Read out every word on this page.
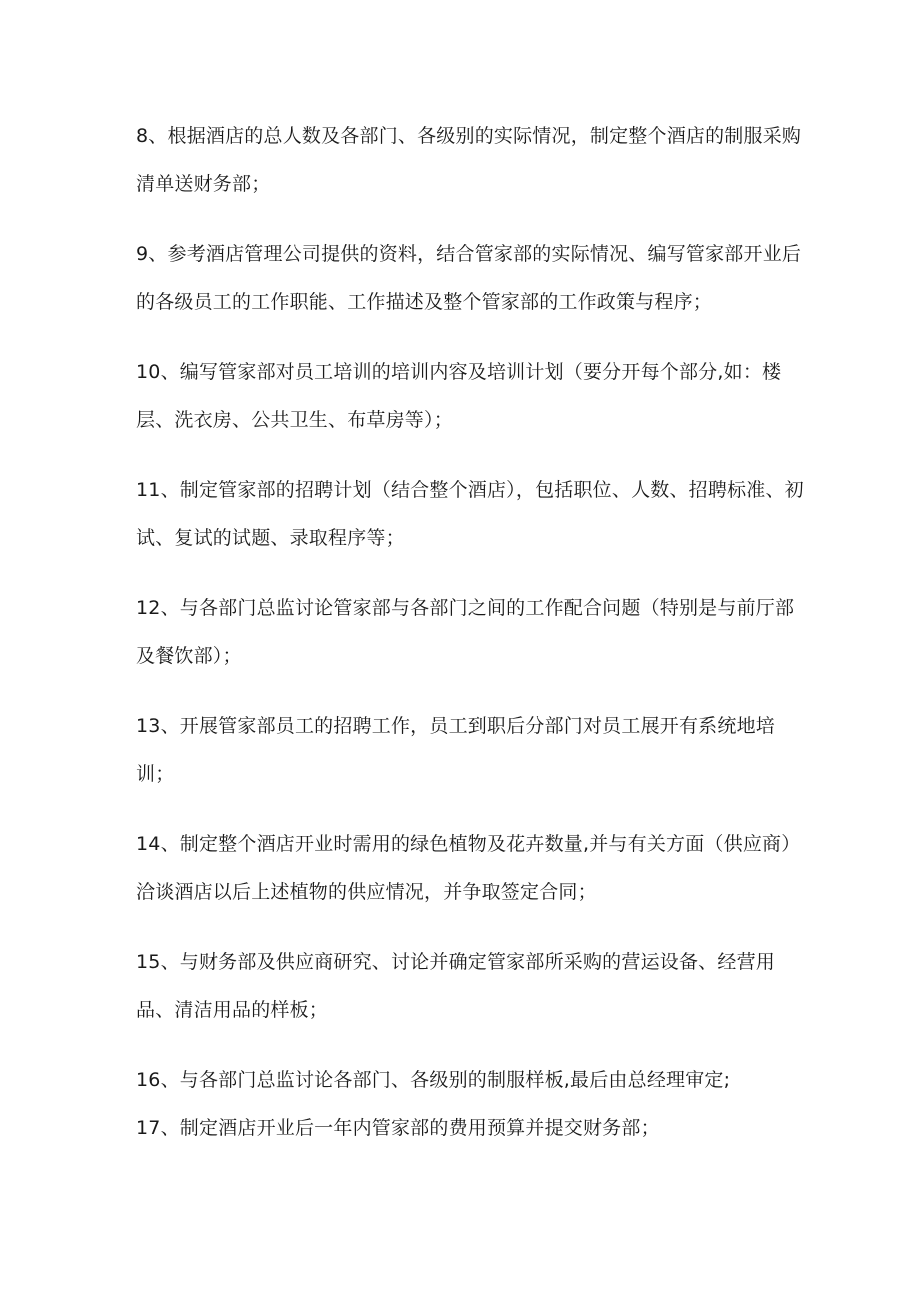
8、根据酒店的总人数及各部门、各级别的实际情况，制定整个酒店的制服采购清单送财务部；

9、参考酒店管理公司提供的资料，结合管家部的实际情况、编写管家部开业后的各级员工的工作职能、工作描述及整个管家部的工作政策与程序；

10、编写管家部对员工培训的培训内容及培训计划（要分开每个部分,如：楼层、洗衣房、公共卫生、布草房等）；

11、制定管家部的招聘计划（结合整个酒店），包括职位、人数、招聘标准、初试、复试的试题、录取程序等；

12、与各部门总监讨论管家部与各部门之间的工作配合问题（特别是与前厅部及餐饮部）；

13、开展管家部员工的招聘工作，员工到职后分部门对员工展开有系统地培训；

14、制定整个酒店开业时需用的绿色植物及花卉数量,并与有关方面（供应商）洽谈酒店以后上述植物的供应情况，并争取签定合同；

15、与财务部及供应商研究、讨论并确定管家部所采购的营运设备、经营用品、清洁用品的样板；

16、与各部门总监讨论各部门、各级别的制服样板,最后由总经理审定;

17、制定酒店开业后一年内管家部的费用预算并提交财务部；
